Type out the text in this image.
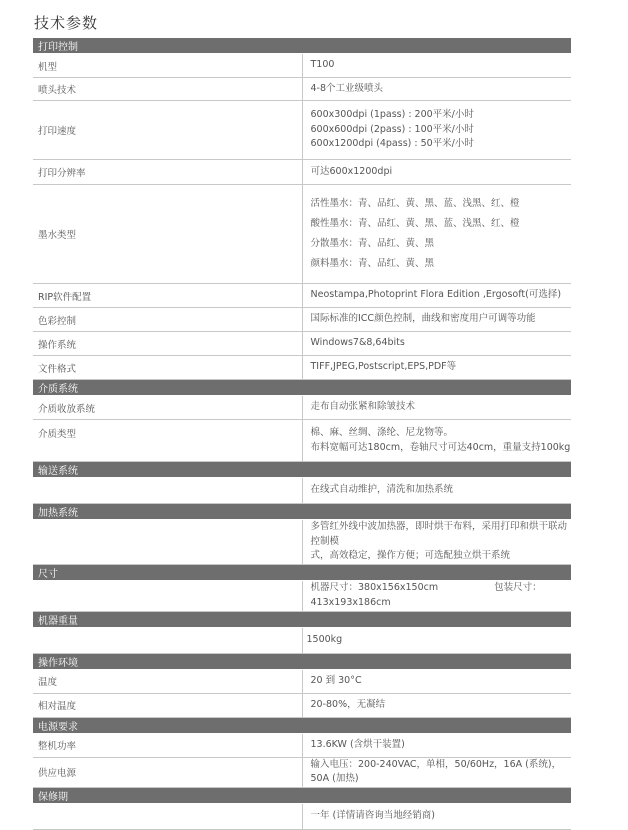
技术参数
打印控制	
机型	T100
喷头技术	4-8个工业级喷头
打印速度	600x300dpi (1pass) : 200平米/小时
600x600dpi (2pass) : 100平米/小时
600x1200dpi (4pass) : 50平米/小时

打印分辨率	可达600x1200dpi
墨水类型	活性墨水：青、品红、黄、黑、蓝、浅黑、红、橙
酸性墨水：青、品红、黄、黑、蓝、浅黑、红、橙
分散墨水：青、品红、黄、黑
颜料墨水：青、品红、黄、黑

RIP软件配置	Neostampa,Photoprint Flora Edition ,Ergosoft(可选择)
色彩控制	国际标准的ICC颜色控制，曲线和密度用户可调等功能
操作系统	Windows7&8,64bits
文件格式	TIFF,JPEG,Postscript,EPS,PDF等
介质系统	
介质收放系统	走布自动张紧和除皱技术
介质类型	棉、麻、丝绸、涤纶、尼龙物等。
布料宽幅可达180cm，卷轴尺寸可达40cm，重量支持100kg

输送系统	
	在线式自动维护，清洗和加热系统
加热系统	

	多管红外线中波加热器，即时烘干布料，采用打印和烘干联动控制模
式，高效稳定，操作方便；可选配独立烘干系统

尺寸	
	机器尺寸：380x156x150cm 包装尺寸：413x193x186cm
机器重量	
	1500kg
操作环境	
温度	20 到 30°C
相对温度	20-80%，无凝结
电源要求	
整机功率	13.6KW (含烘干装置)
供应电源	输入电压：200-240VAC，单相，50/60Hz，16A (系统)，50A (加热)
保修期	
	一年 (详情请咨询当地经销商)
